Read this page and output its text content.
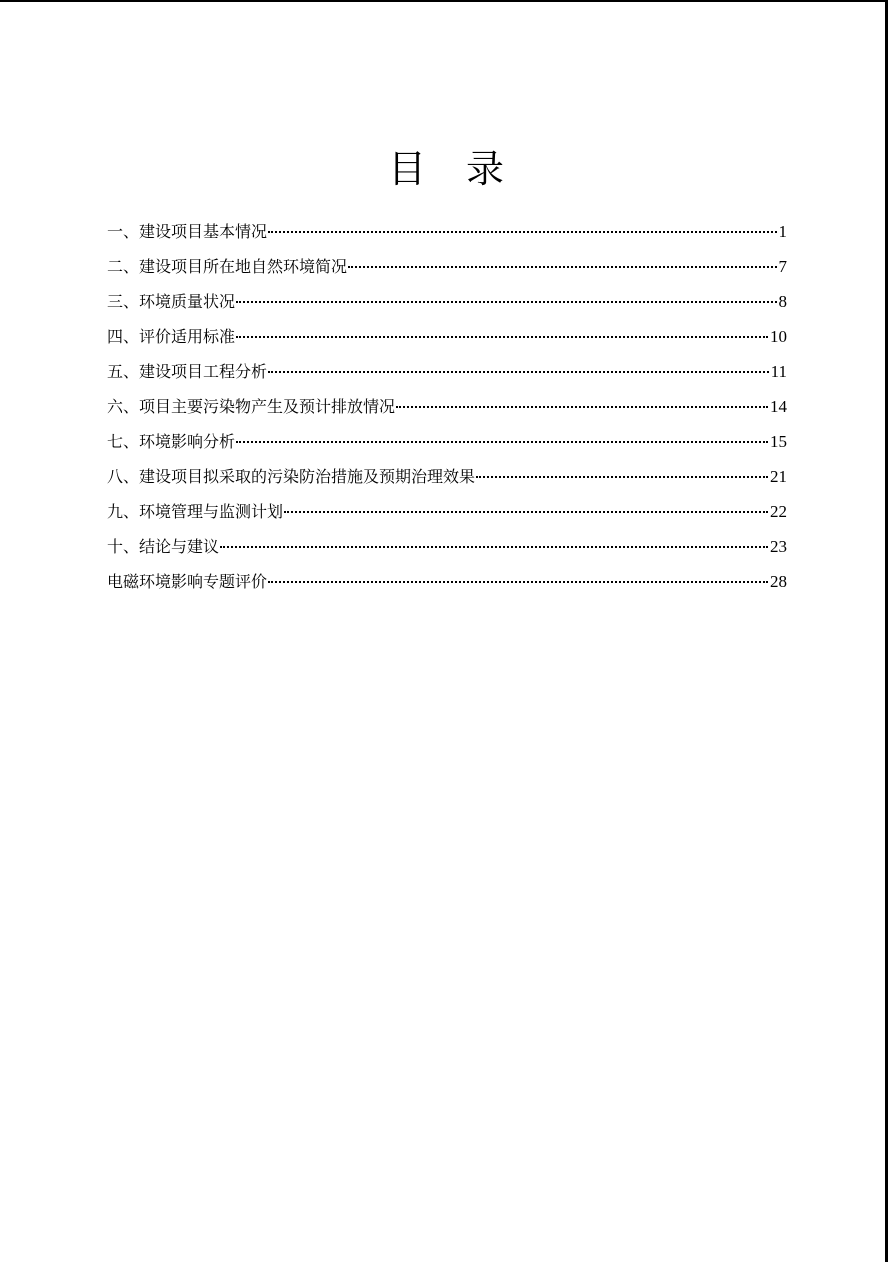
目 录
一、建设项目基本情况	1
二、建设项目所在地自然环境简况	7
三、环境质量状况	8
四、评价适用标准	10
五、建设项目工程分析	11
六、项目主要污染物产生及预计排放情况	14
七、环境影响分析	15
八、建设项目拟采取的污染防治措施及预期治理效果	21
九、环境管理与监测计划	22
十、结论与建议	23
电磁环境影响专题评价	28
